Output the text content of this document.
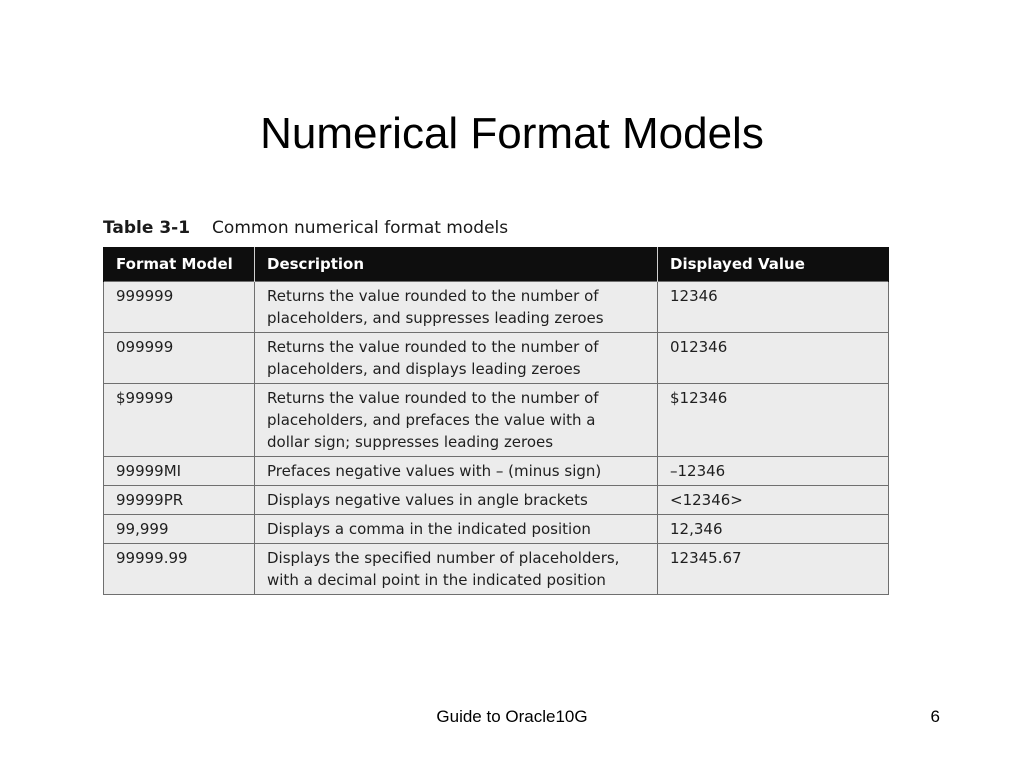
Numerical Format Models
Table 3-1 Common numerical format models
Format Model	Description	Displayed Value
999999	Returns the value rounded to the number of
placeholders, and suppresses leading zeroes	12346
099999	Returns the value rounded to the number of
placeholders, and displays leading zeroes	012346
$99999	Returns the value rounded to the number of
placeholders, and prefaces the value with a
dollar sign; suppresses leading zeroes	$12346
99999MI	Prefaces negative values with – (minus sign)	–12346
99999PR	Displays negative values in angle brackets	<12346>
99,999	Displays a comma in the indicated position	12,346
99999.99	Displays the specified number of placeholders,
with a decimal point in the indicated position	12345.67
Guide to Oracle10G	6
